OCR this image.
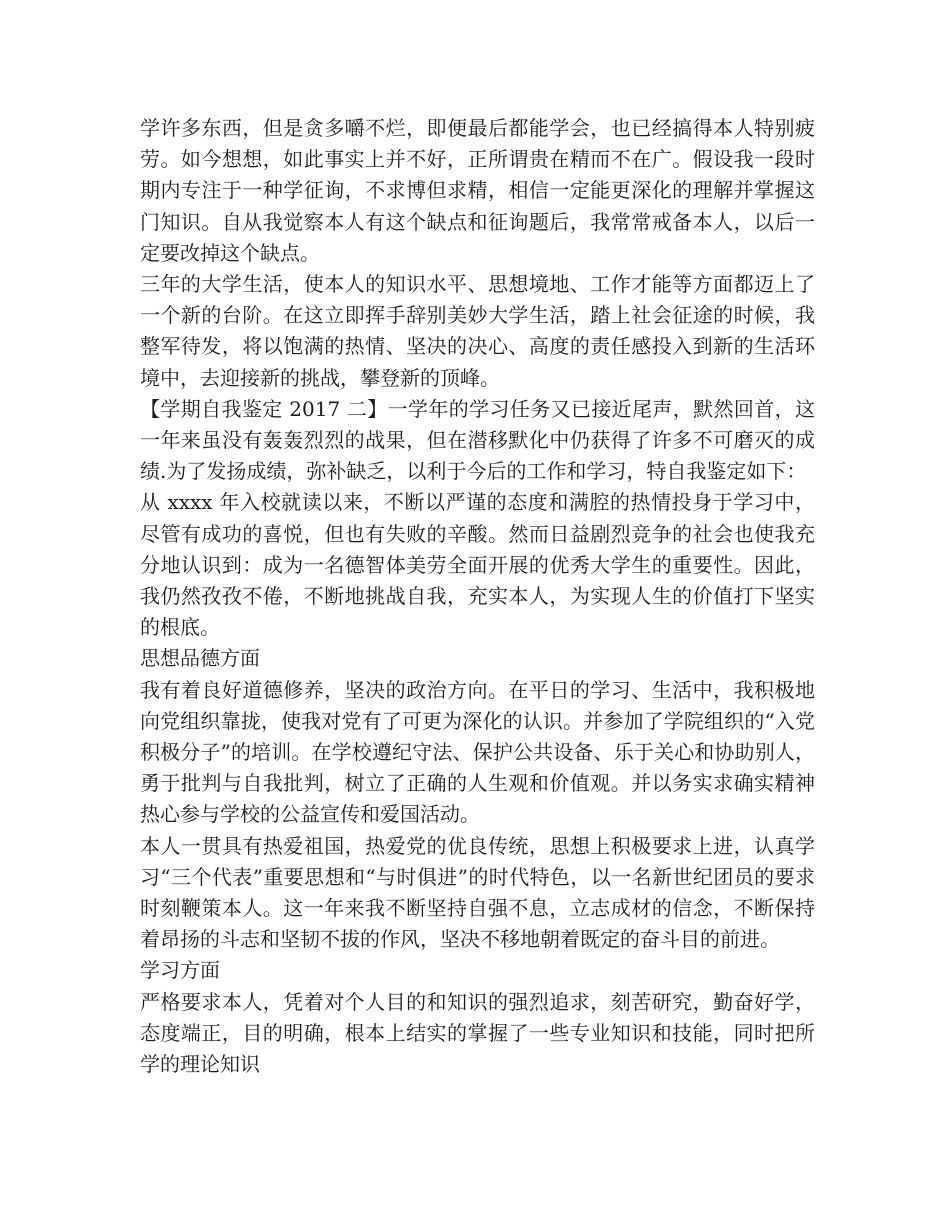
学许多东西，但是贪多嚼不烂，即便最后都能学会，也已经搞得本人特别疲劳。如今想想，如此事实上并不好，正所谓贵在精而不在广。假设我一段时期内专注于一种学征询，不求博但求精，相信一定能更深化的理解并掌握这门知识。自从我觉察本人有这个缺点和征询题后，我常常戒备本人，以后一定要改掉这个缺点。

三年的大学生活，使本人的知识水平、思想境地、工作才能等方面都迈上了一个新的台阶。在这立即挥手辞别美妙大学生活，踏上社会征途的时候，我整军待发，将以饱满的热情、坚决的决心、高度的责任感投入到新的生活环境中，去迎接新的挑战，攀登新的顶峰。

【学期自我鉴定 2017 二】一学年的学习任务又已接近尾声，默然回首，这一年来虽没有轰轰烈烈的战果，但在潜移默化中仍获得了许多不可磨灭的成绩.为了发扬成绩，弥补缺乏，以利于今后的工作和学习，特自我鉴定如下：

从 xxxx 年入校就读以来，不断以严谨的态度和满腔的热情投身于学习中，尽管有成功的喜悦，但也有失败的辛酸。然而日益剧烈竞争的社会也使我充分地认识到：成为一名德智体美劳全面开展的优秀大学生的重要性。因此，我仍然孜孜不倦，不断地挑战自我，充实本人，为实现人生的价值打下坚实的根底。

思想品德方面

我有着良好道德修养，坚决的政治方向。在平日的学习、生活中，我积极地向党组织靠拢，使我对党有了可更为深化的认识。并参加了学院组织的“入党积极分子”的培训。在学校遵纪守法、保护公共设备、乐于关心和协助别人，勇于批判与自我批判，树立了正确的人生观和价值观。并以务实求确实精神热心参与学校的公益宣传和爱国活动。

本人一贯具有热爱祖国，热爱党的优良传统，思想上积极要求上进，认真学习“三个代表”重要思想和“与时俱进”的时代特色，以一名新世纪团员的要求时刻鞭策本人。这一年来我不断坚持自强不息，立志成材的信念，不断保持着昂扬的斗志和坚韧不拔的作风，坚决不移地朝着既定的奋斗目的前进。

学习方面

严格要求本人，凭着对个人目的和知识的强烈追求，刻苦研究，勤奋好学，态度端正，目的明确，根本上结实的掌握了一些专业知识和技能，同时把所学的理论知识
